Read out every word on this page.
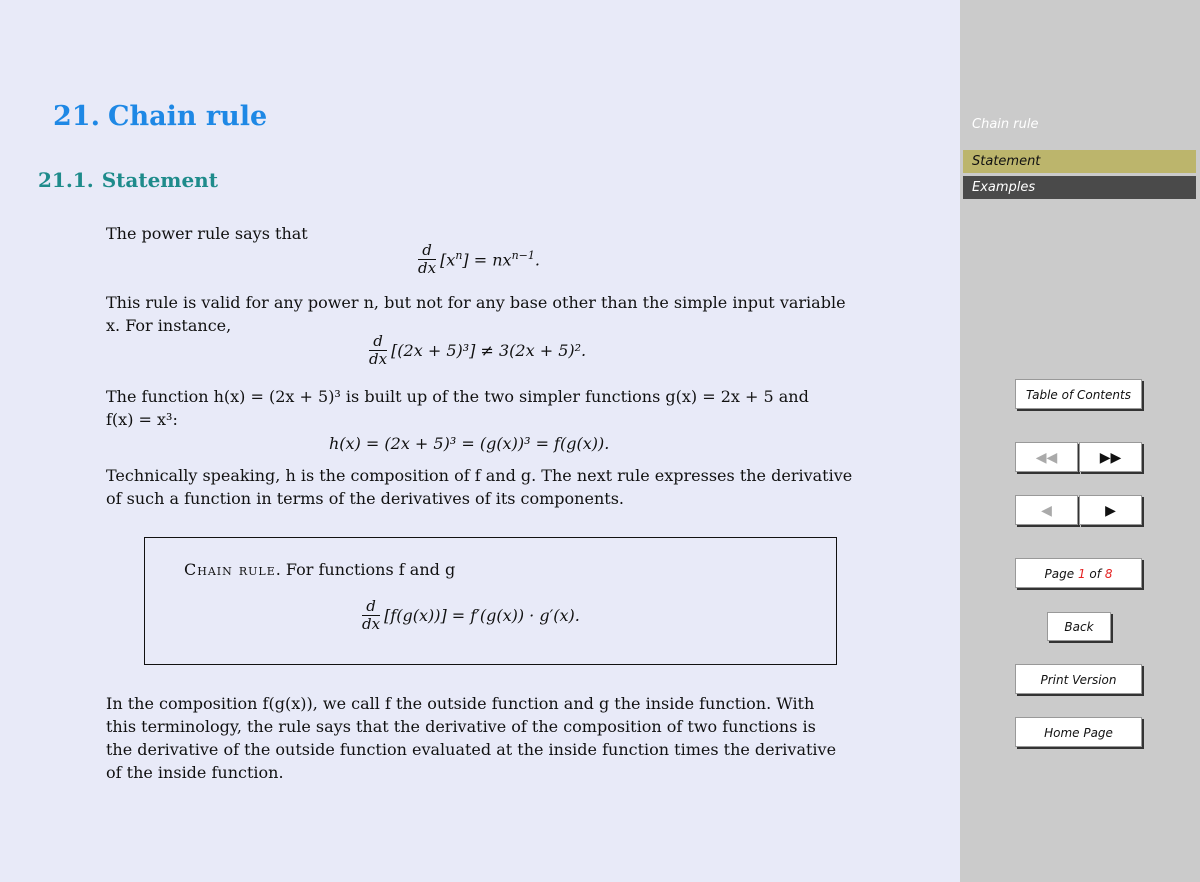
21. Chain rule
21.1. Statement
The power rule says that
$\frac{d}{dx} [x^n] = nx^{n-1}$.
This rule is valid for any power n, but not for any base other than the simple input variable
x. For instance,
$\frac{d}{dx} [(2x + 5)^3] \ne 3(2x + 5)^2$.
The function h(x) = (2x + 5)³ is built up of the two simpler functions g(x) = 2x + 5 and
f(x) = x³:
h(x) = (2x + 5)³ = (g(x))³ = f(g(x)).
Technically speaking, h is the composition of f and g. The next rule expresses the derivative
of such a function in terms of the derivatives of its components.
Chain rule. For functions f and g
$\frac{d}{dx} [f(g(x))] = f'(g(x)) \cdot g'(x)$.
In the composition f(g(x)), we call f the outside function and g the inside function. With
this terminology, the rule says that the derivative of the composition of two functions is
the derivative of the outside function evaluated at the inside function times the derivative
of the inside function.
Chain rule
Statement
Examples
Table of Contents
◀◀	▶▶
◀	▶
Page 1 of 8
Back
Print Version
Home Page
